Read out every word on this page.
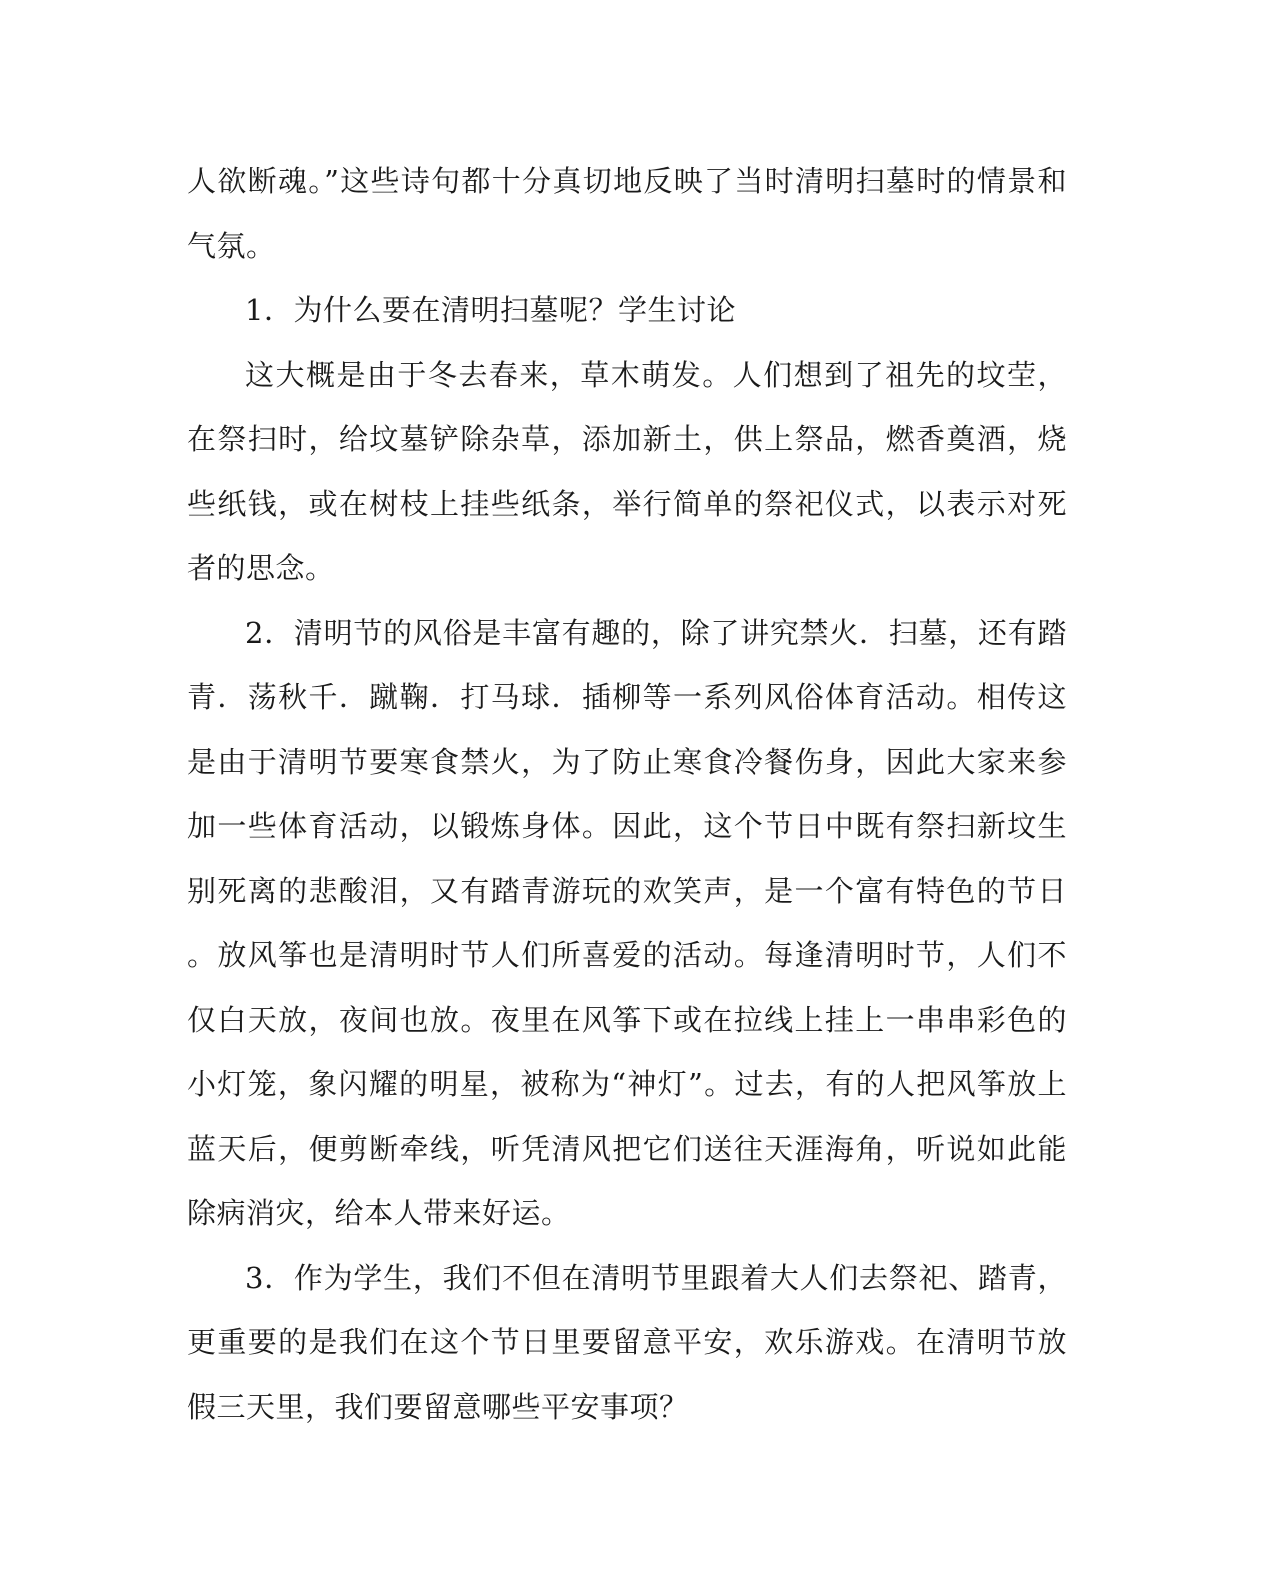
人欲断魂。”这些诗句都十分真切地反映了当时清明扫墓时的情景和气氛。

1．为什么要在清明扫墓呢？学生讨论

这大概是由于冬去春来，草木萌发。人们想到了祖先的坟茔，在祭扫时，给坟墓铲除杂草，添加新土，供上祭品，燃香奠酒，烧些纸钱，或在树枝上挂些纸条，举行简单的祭祀仪式，以表示对死者的思念。

2．清明节的风俗是丰富有趣的，除了讲究禁火．扫墓，还有踏青．荡秋千．蹴鞠．打马球．插柳等一系列风俗体育活动。相传这是由于清明节要寒食禁火，为了防止寒食冷餐伤身，因此大家来参加一些体育活动，以锻炼身体。因此，这个节日中既有祭扫新坟生别死离的悲酸泪，又有踏青游玩的欢笑声，是一个富有特色的节日。放风筝也是清明时节人们所喜爱的活动。每逢清明时节，人们不仅白天放，夜间也放。夜里在风筝下或在拉线上挂上一串串彩色的小灯笼，象闪耀的明星，被称为“神灯”。过去，有的人把风筝放上蓝天后，便剪断牵线，听凭清风把它们送往天涯海角，听说如此能除病消灾，给本人带来好运。

3．作为学生，我们不但在清明节里跟着大人们去祭祀、踏青，更重要的是我们在这个节日里要留意平安，欢乐游戏。在清明节放假三天里，我们要留意哪些平安事项？
